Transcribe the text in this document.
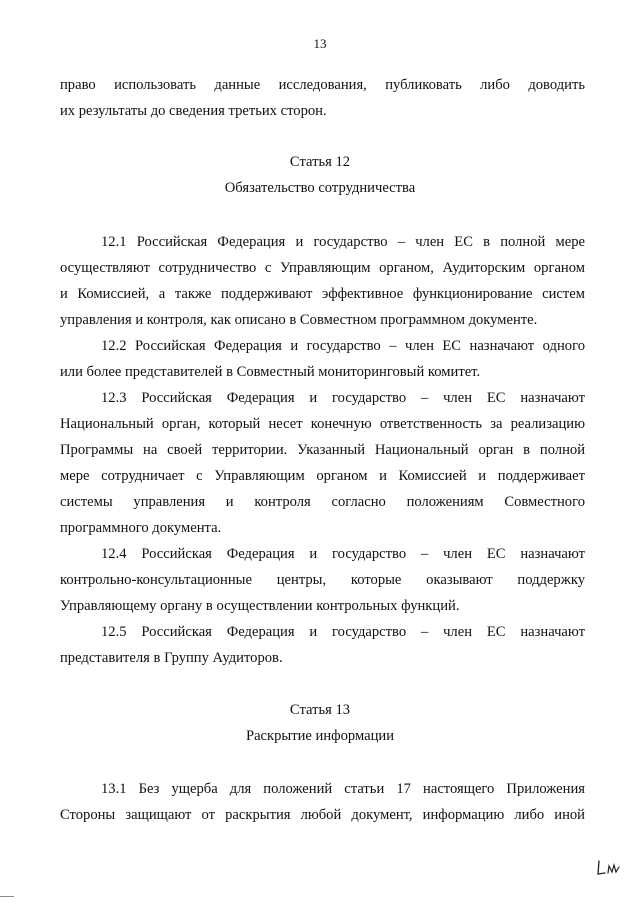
13
право использовать данные исследования, публиковать либо доводить
их результаты до сведения третьих сторон.
Статья 12
Обязательство сотрудничества
12.1 Российская Федерация и государство – член ЕС в полной мере
осуществляют сотрудничество с Управляющим органом, Аудиторским органом
и Комиссией, а также поддерживают эффективное функционирование систем
управления и контроля, как описано в Совместном программном документе.
12.2 Российская Федерация и государство – член ЕС назначают одного
или более представителей в Совместный мониторинговый комитет.
12.3 Российская Федерация и государство – член ЕС назначают
Национальный орган, который несет конечную ответственность за реализацию
Программы на своей территории. Указанный Национальный орган в полной
мере сотрудничает с Управляющим органом и Комиссией и поддерживает
системы управления и контроля согласно положениям Совместного
программного документа.
12.4 Российская Федерация и государство – член ЕС назначают
контрольно-консультационные центры, которые оказывают поддержку
Управляющему органу в осуществлении контрольных функций.
12.5 Российская Федерация и государство – член ЕС назначают
представителя в Группу Аудиторов.
Статья 13
Раскрытие информации
13.1 Без ущерба для положений статьи 17 настоящего Приложения
Стороны защищают от раскрытия любой документ, информацию либо иной
